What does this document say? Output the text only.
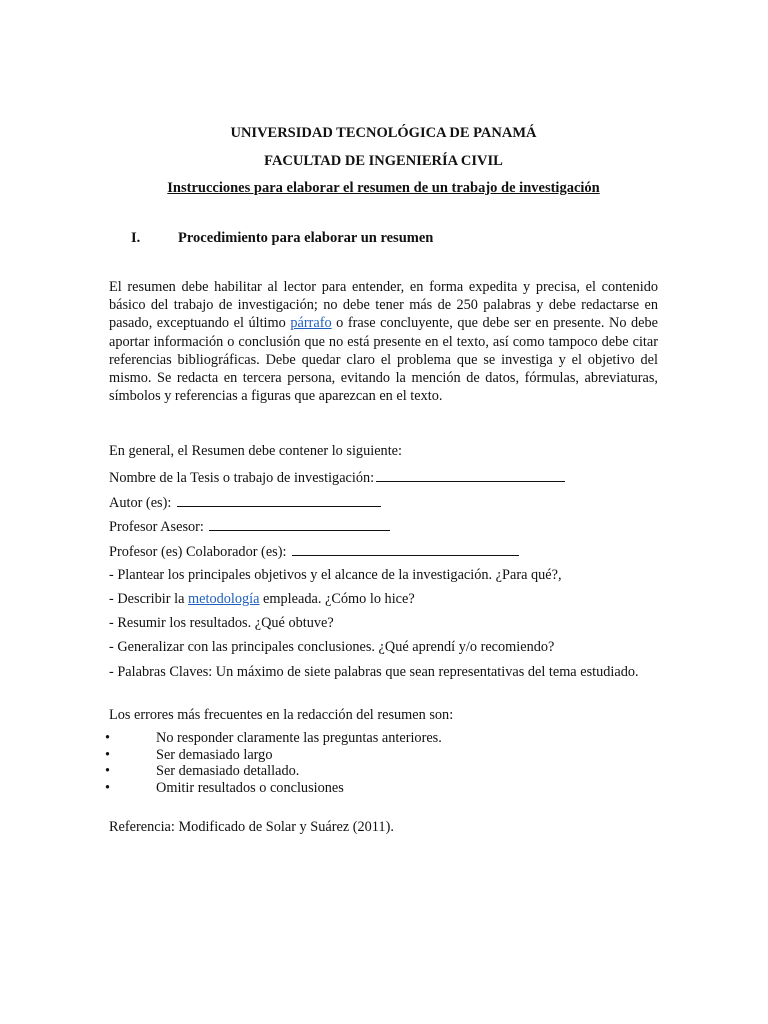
UNIVERSIDAD TECNOLÓGICA DE PANAMÁ
FACULTAD DE INGENIERÍA CIVIL
Instrucciones para elaborar el resumen de un trabajo de investigación
I.	Procedimiento para elaborar un resumen
El resumen debe habilitar al lector para entender, en forma expedita y precisa, el contenido básico del trabajo de investigación; no debe tener más de 250 palabras y debe redactarse en pasado, exceptuando el último párrafo o frase concluyente, que debe ser en presente. No debe aportar información o conclusión que no está presente en el texto, así como tampoco debe citar referencias bibliográficas. Debe quedar claro el problema que se investiga y el objetivo del mismo. Se redacta en tercera persona, evitando la mención de datos, fórmulas, abreviaturas, símbolos y referencias a figuras que aparezcan en el texto.
En general, el Resumen debe contener lo siguiente:
Nombre de la Tesis o trabajo de investigación:
Autor (es):
Profesor Asesor:
Profesor (es) Colaborador (es):
- Plantear los principales objetivos y el alcance de la investigación. ¿Para qué?,
- Describir la metodología empleada. ¿Cómo lo hice?
- Resumir los resultados. ¿Qué obtuve?
- Generalizar con las principales conclusiones. ¿Qué aprendí y/o recomiendo?
- Palabras Claves: Un máximo de siete palabras que sean representativas del tema estudiado.
Los errores más frecuentes en la redacción del resumen son:
•	No responder claramente las preguntas anteriores.
•	Ser demasiado largo
•	Ser demasiado detallado.
•	Omitir resultados o conclusiones
Referencia: Modificado de Solar y Suárez (2011).
